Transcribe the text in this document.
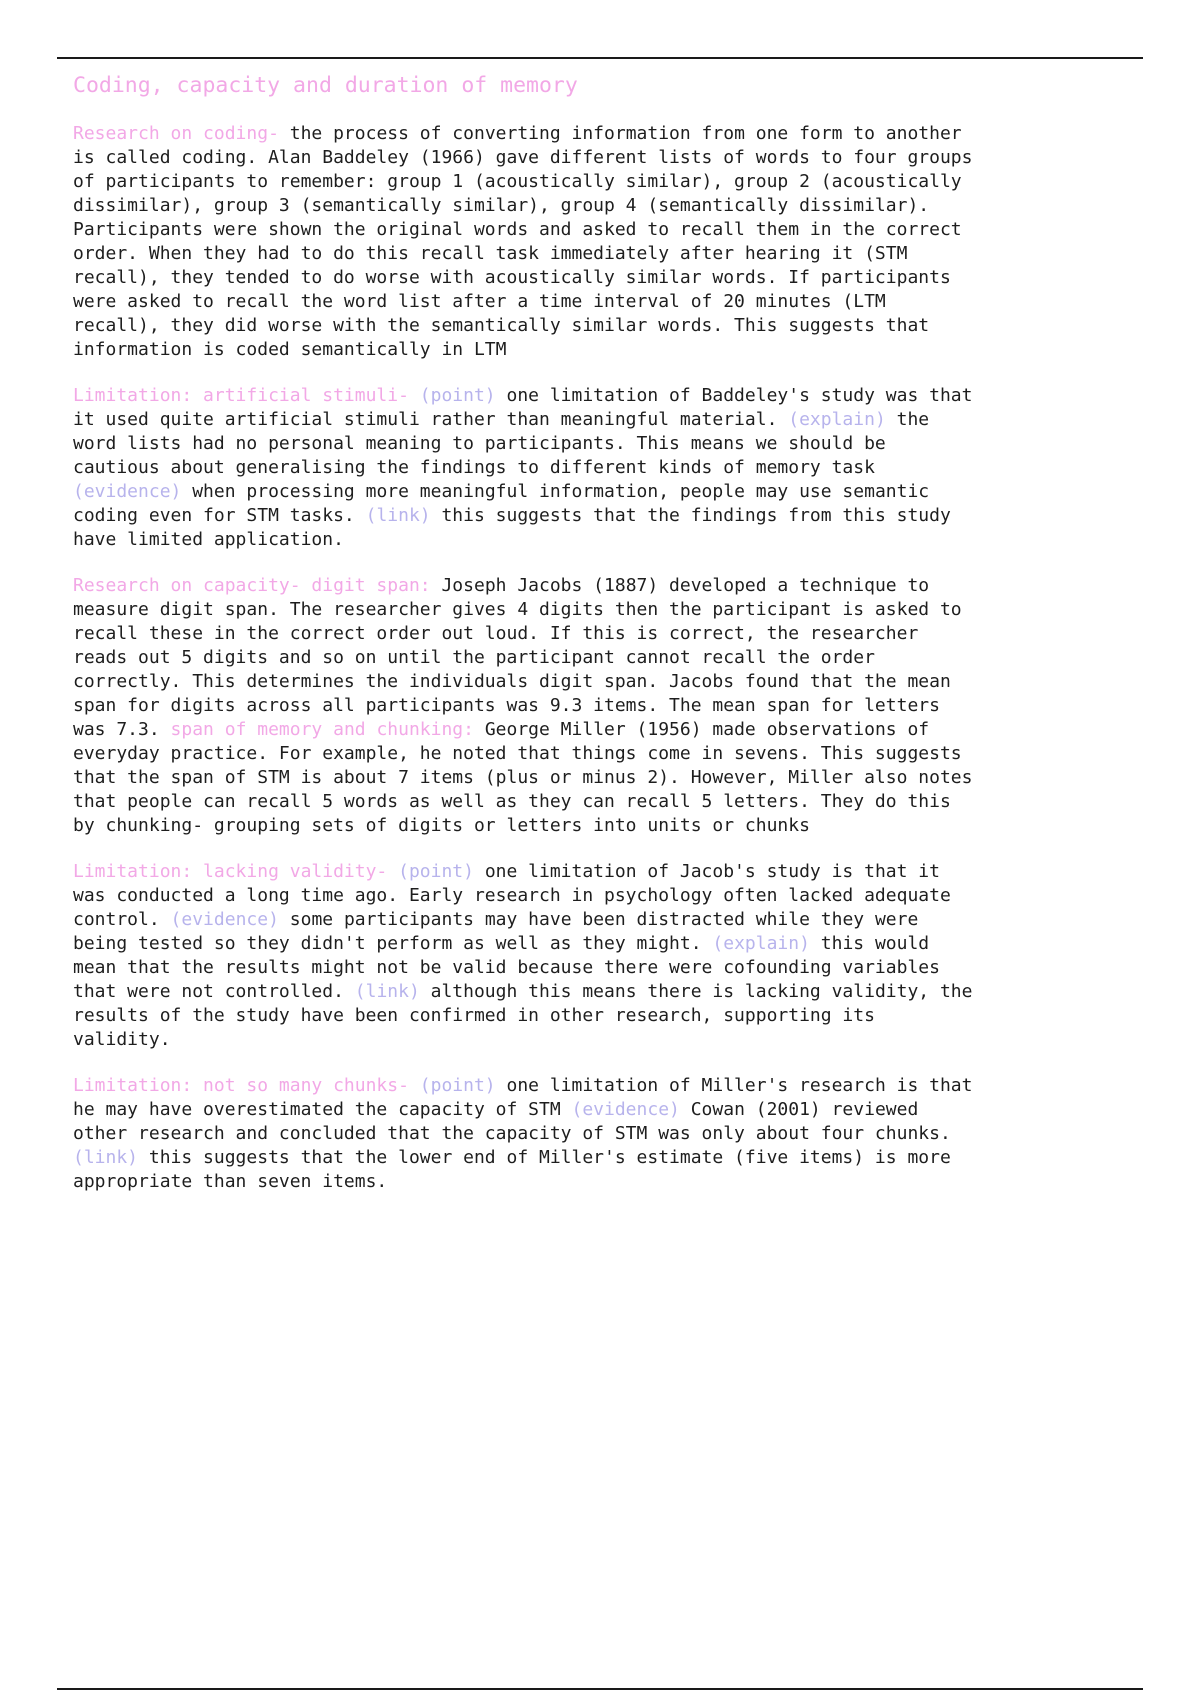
Coding, capacity and duration of memory

Research on coding- the process of converting information from one form to another
is called coding. Alan Baddeley (1966) gave different lists of words to four groups
of participants to remember: group 1 (acoustically similar), group 2 (acoustically
dissimilar), group 3 (semantically similar), group 4 (semantically dissimilar).
Participants were shown the original words and asked to recall them in the correct
order. When they had to do this recall task immediately after hearing it (STM
recall), they tended to do worse with acoustically similar words. If participants
were asked to recall the word list after a time interval of 20 minutes (LTM
recall), they did worse with the semantically similar words. This suggests that
information is coded semantically in LTM

Limitation: artificial stimuli- (point) one limitation of Baddeley's study was that
it used quite artificial stimuli rather than meaningful material. (explain) the
word lists had no personal meaning to participants. This means we should be
cautious about generalising the findings to different kinds of memory task
(evidence) when processing more meaningful information, people may use semantic
coding even for STM tasks. (link) this suggests that the findings from this study
have limited application.

Research on capacity- digit span: Joseph Jacobs (1887) developed a technique to
measure digit span. The researcher gives 4 digits then the participant is asked to
recall these in the correct order out loud. If this is correct, the researcher
reads out 5 digits and so on until the participant cannot recall the order
correctly. This determines the individuals digit span. Jacobs found that the mean
span for digits across all participants was 9.3 items. The mean span for letters
was 7.3. span of memory and chunking: George Miller (1956) made observations of
everyday practice. For example, he noted that things come in sevens. This suggests
that the span of STM is about 7 items (plus or minus 2). However, Miller also notes
that people can recall 5 words as well as they can recall 5 letters. They do this
by chunking- grouping sets of digits or letters into units or chunks

Limitation: lacking validity- (point) one limitation of Jacob's study is that it
was conducted a long time ago. Early research in psychology often lacked adequate
control. (evidence) some participants may have been distracted while they were
being tested so they didn't perform as well as they might. (explain) this would
mean that the results might not be valid because there were cofounding variables
that were not controlled. (link) although this means there is lacking validity, the
results of the study have been confirmed in other research, supporting its
validity.

Limitation: not so many chunks- (point) one limitation of Miller's research is that
he may have overestimated the capacity of STM (evidence) Cowan (2001) reviewed
other research and concluded that the capacity of STM was only about four chunks.
(link) this suggests that the lower end of Miller's estimate (five items) is more
appropriate than seven items.
